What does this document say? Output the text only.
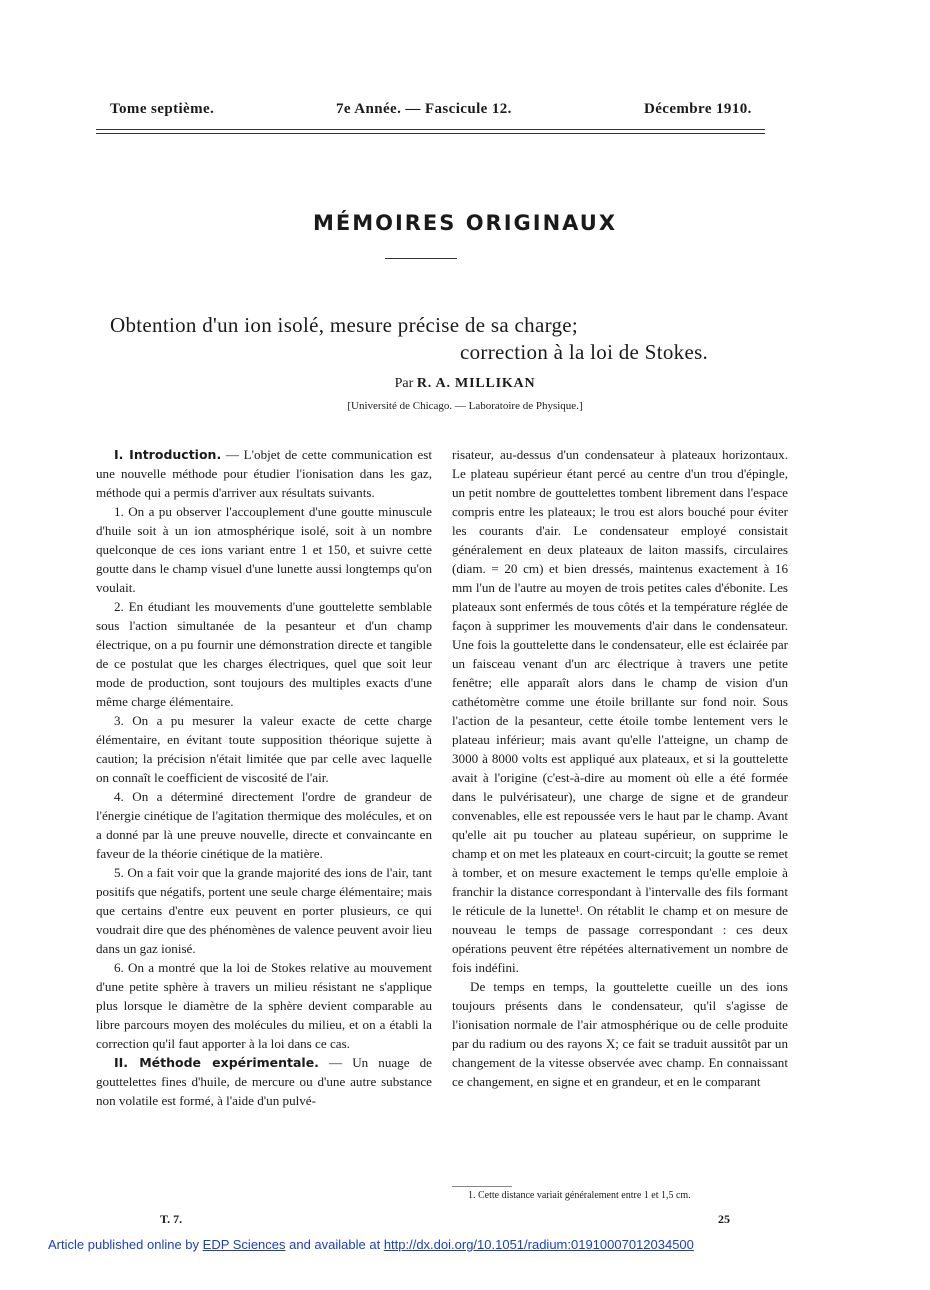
Tome septième.	7e Année. — Fascicule 12.	Décembre 1910.
MÉMOIRES ORIGINAUX
Obtention d'un ion isolé, mesure précise de sa charge;
correction à la loi de Stokes.
Par R. A. MILLIKAN
[Université de Chicago. — Laboratoire de Physique.]

I. Introduction. — L'objet de cette communication est une nouvelle méthode pour étudier l'ionisation dans les gaz, méthode qui a permis d'arriver aux résultats suivants.

1. On a pu observer l'accouplement d'une goutte minuscule d'huile soit à un ion atmosphérique isolé, soit à un nombre quelconque de ces ions variant entre 1 et 150, et suivre cette goutte dans le champ visuel d'une lunette aussi longtemps qu'on voulait.

2. En étudiant les mouvements d'une gouttelette semblable sous l'action simultanée de la pesanteur et d'un champ électrique, on a pu fournir une démonstration directe et tangible de ce postulat que les charges électriques, quel que soit leur mode de production, sont toujours des multiples exacts d'une même charge élémentaire.

3. On a pu mesurer la valeur exacte de cette charge élémentaire, en évitant toute supposition théorique sujette à caution; la précision n'était limitée que par celle avec laquelle on connaît le coefficient de viscosité de l'air.

4. On a déterminé directement l'ordre de grandeur de l'énergie cinétique de l'agitation thermique des molécules, et on a donné par là une preuve nouvelle, directe et convaincante en faveur de la théorie cinétique de la matière.

5. On a fait voir que la grande majorité des ions de l'air, tant positifs que négatifs, portent une seule charge élémentaire; mais que certains d'entre eux peuvent en porter plusieurs, ce qui voudrait dire que des phénomènes de valence peuvent avoir lieu dans un gaz ionisé.

6. On a montré que la loi de Stokes relative au mouvement d'une petite sphère à travers un milieu résistant ne s'applique plus lorsque le diamètre de la sphère devient comparable au libre parcours moyen des molécules du milieu, et on a établi la correction qu'il faut apporter à la loi dans ce cas.

II. Méthode expérimentale. — Un nuage de gouttelettes fines d'huile, de mercure ou d'une autre substance non volatile est formé, à l'aide d'un pulvé-

risateur, au-dessus d'un condensateur à plateaux horizontaux. Le plateau supérieur étant percé au centre d'un trou d'épingle, un petit nombre de gouttelettes tombent librement dans l'espace compris entre les plateaux; le trou est alors bouché pour éviter les courants d'air. Le condensateur employé consistait généralement en deux plateaux de laiton massifs, circulaires (diam. = 20 cm) et bien dressés, maintenus exactement à 16 mm l'un de l'autre au moyen de trois petites cales d'ébonite. Les plateaux sont enfermés de tous côtés et la température réglée de façon à supprimer les mouvements d'air dans le condensateur. Une fois la gouttelette dans le condensateur, elle est éclairée par un faisceau venant d'un arc électrique à travers une petite fenêtre; elle apparaît alors dans le champ de vision d'un cathétomètre comme une étoile brillante sur fond noir. Sous l'action de la pesanteur, cette étoile tombe lentement vers le plateau inférieur; mais avant qu'elle l'atteigne, un champ de 3000 à 8000 volts est appliqué aux plateaux, et si la gouttelette avait à l'origine (c'est-à-dire au moment où elle a été formée dans le pulvérisateur), une charge de signe et de grandeur convenables, elle est repoussée vers le haut par le champ. Avant qu'elle ait pu toucher au plateau supérieur, on supprime le champ et on met les plateaux en court-circuit; la goutte se remet à tomber, et on mesure exactement le temps qu'elle emploie à franchir la distance correspondant à l'intervalle des fils formant le réticule de la lunette¹. On rétablit le champ et on mesure de nouveau le temps de passage correspondant : ces deux opérations peuvent être répétées alternativement un nombre de fois indéfini.

De temps en temps, la gouttelette cueille un des ions toujours présents dans le condensateur, qu'il s'agisse de l'ionisation normale de l'air atmosphérique ou de celle produite par du radium ou des rayons X; ce fait se traduit aussitôt par un changement de la vitesse observée avec champ. En connaissant ce changement, en signe et en grandeur, et en le comparant

1. Cette distance variait généralement entre 1 et 1,5 cm.
T. 7.	25
Article published online by EDP Sciences and available at http://dx.doi.org/10.1051/radium:01910007012034500
